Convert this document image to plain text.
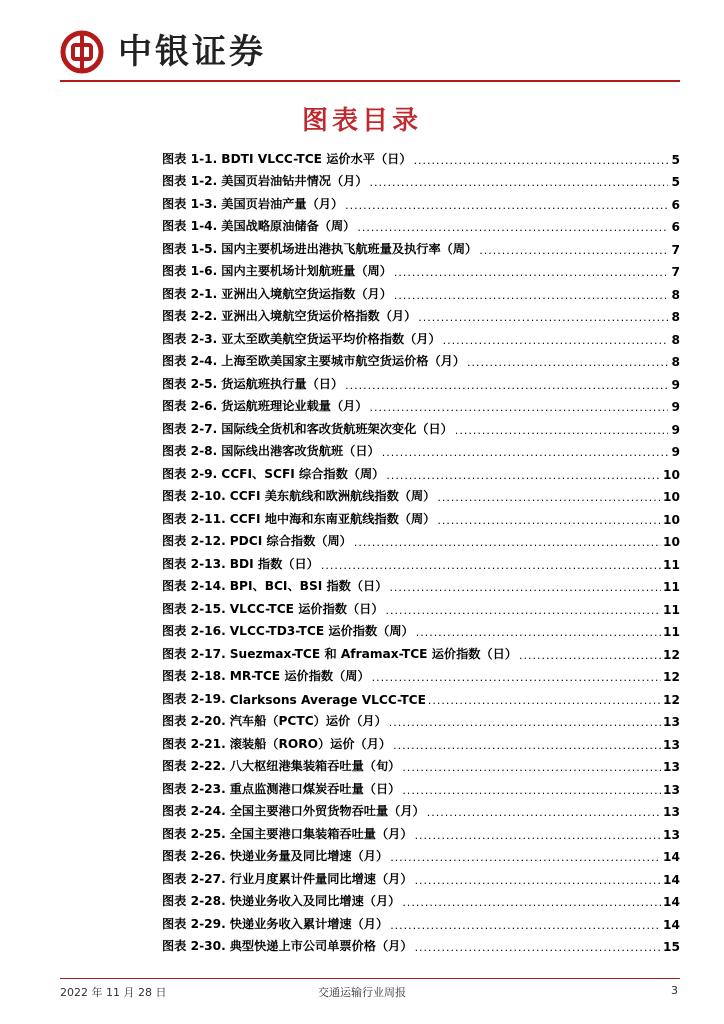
中银证券
图表目录
图表 1-1. BDTI VLCC-TCE 运价水平（日） .....	5
图表 1-2. 美国页岩油钻井情况（月） .....	5
图表 1-3. 美国页岩油产量（月） .....	6
图表 1-4. 美国战略原油储备（周） .....	6
图表 1-5. 国内主要机场进出港执飞航班量及执行率（周） .....	7
图表 1-6. 国内主要机场计划航班量（周） .....	7
图表 2-1. 亚洲出入境航空货运指数（月） .....	8
图表 2-2. 亚洲出入境航空货运价格指数（月） .....	8
图表 2-3. 亚太至欧美航空货运平均价格指数（月） .....	8
图表 2-4. 上海至欧美国家主要城市航空货运价格（月） .....	8
图表 2-5. 货运航班执行量（日） .....	9
图表 2-6. 货运航班理论业载量（月） .....	9
图表 2-7. 国际线全货机和客改货航班架次变化（日） .....	9
图表 2-8. 国际线出港客改货航班（日） .....	9
图表 2-9. CCFI、SCFI 综合指数（周） .....	10
图表 2-10. CCFI 美东航线和欧洲航线指数（周） .....	10
图表 2-11. CCFI 地中海和东南亚航线指数（周） .....	10
图表 2-12. PDCI 综合指数（周） .....	10
图表 2-13. BDI 指数（日） .....	11
图表 2-14. BPI、BCI、BSI 指数（日） .....	11
图表 2-15. VLCC-TCE 运价指数（日） .....	11
图表 2-16. VLCC-TD3-TCE 运价指数（周） .....	11
图表 2-17. Suezmax-TCE 和 Aframax-TCE 运价指数（日） .....	12
图表 2-18. MR-TCE 运价指数（周） .....	12
图表 2-19. Clarksons Average VLCC-TCE .....	12
图表 2-20. 汽车船（PCTC）运价（月） .....	13
图表 2-21. 滚装船（RORO）运价（月） .....	13
图表 2-22. 八大枢纽港集装箱吞吐量（旬） .....	13
图表 2-23. 重点监测港口煤炭吞吐量（日） .....	13
图表 2-24. 全国主要港口外贸货物吞吐量（月） .....	13
图表 2-25. 全国主要港口集装箱吞吐量（月） .....	13
图表 2-26. 快递业务量及同比增速（月） .....	14
图表 2-27. 行业月度累计件量同比增速（月） .....	14
图表 2-28. 快递业务收入及同比增速（月） .....	14
图表 2-29. 快递业务收入累计增速（月） .....	14
图表 2-30. 典型快递上市公司单票价格（月） .....	15
2022 年 11 月 28 日	交通运输行业周报	3
